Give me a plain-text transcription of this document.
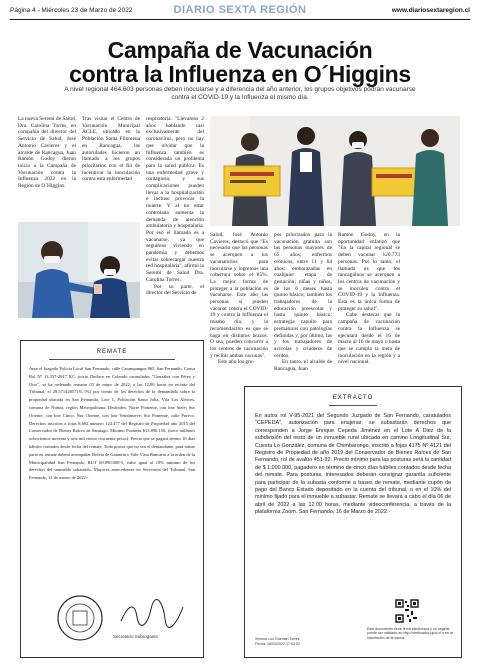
Página 4 - Miércoles 23 de Marzo de 2022	DIARIO SEXTA REGIÓN	www.diariosextaregion.cl
Campaña de Vacunación
contra la Influenza en O´Higgins
A nivel regional 464.603 personas deben inocularse y a diferencia del año anterior, los grupos objetivos podrán vacunarse contra el COVID-19 y la Influenza el mismo día.
La nueva Seremi de Salud, Dra. Carolina Torres, en compañía del director del Servicio de Salud, José Antonio Cavieres y el alcalde de Rancagua, Juan Ramón Godoy dieron inicio a la Campaña de Vacunación contra la Influenza 2022 en la Región de O´Higgins.
Tras visitar el Centro de Vacunación Municipal ACLE, ubicado en la Población Santa Filomena en Rancagua, las autoridades hicieron un llamado a los grupos prioritarios con el fin de incentivar la inoculación contra esta enfermedad
respiratoria. "Llevamos 2 años hablando casi exclusivamente del coronavirus, pero no hay que olvidar que la Influenza también es considerada un problema para la salud pública. Es una enfermedad grave y contagiosa, y sus complicaciones pueden llevar a la hospitalización e incluso provocar la muerte. Y al no estar controlada aumenta la demanda de atención ambulatoria y hospitalaria. Por eso el llamado es a vacunarse, ya que seguimos viviendo en pandemia y debemos evitar sobrecargar nuestra red hospitalaria", afirmó la Seremi de Salud Dra. Carolina Torres.
Por su parte, el director del Servicio de
Salud, José Antonio Cavieres, destacó que "Es necesario que las personas se acerquen a los vacunatorios para inocularse y logremos una cobertura sobre el 85%. La mejor forma de proteger a la población es vacunarse. Este año las personas sí pueden vacunar contra el COVID-19 y contra la Influenza el mismo día, y la recomendación es que se haga en distintos brazos. O sea, pueden concurrir a los centros de vacunación y recibir ambas vacunas".
Este año los gru-
pos priorizados para la vacunación gratuita son las personas mayores de 65 años; enfermos crónicos, entre 11 y 64 años; embarazadas en cualquier etapa de gestación; niñas y niños, de los 6 meses hasta quinto básico; también los trabajadores de la educación preescolar y hasta quinto básico; estrategia capullo para prematuros con patologías definidas y, por último, las y los trabajadores de avícolas y criaderos de cerdos.
En tanto, el alcalde de Rancagua, Juan
Ramón Godoy, en la oportunidad enfatizó que "En la capital regional se deben vacunar 120.773 personas. Por lo tanto, el llamado es que los rancagüinos se acerquen a los centros de vacunación y se inoculen contra el COVID-19 y la Influenza. Esta es la única forma de proteger su salud".
Cabe destacar que la campaña de vacunación contra la Influenza se ejecutará desde el 16 de marzo al 16 de mayo o hasta que se cumpla la meta de inoculación en la región y a nivel nacional.
REMATE
Ante el Juzgado Policía Local San Fernando, calle Carampangue 865, San Fernando, Causa Rol Nº 13.357-2017 KC, juicio Deduce en Cobrado caratulados "González con Pérez y Otro", se ha ordenado rematar 05 de mayo de 2022, a las 12,00 horas en recinto del Tribunal, el 28.571428571% (%) por ciento de los derechos de la demandada sobre la propiedad ubicada en San Fernando, Lote 1, Población Santa Julia, Vila Los Alerces, comuna de Ñuñoa, región Metropolitana. Deslindes: Norte Poniente, con lote Siete; Sur Oriente, con lote Cinco; Nor Oriente, con lote Veintinueve; Sur Poniente, calle Pureco. Derechos inscritos a fojas 8.682 número 124.477 del Registro de Propiedad año 2015 del Conservador de Bienes Raíces de Santiago. Mínimo Posturas $13.896.150. (trece millones ochocientos noventa y seis mil ciento cincuenta pesos). Precio que se pagará dentro 10 días hábiles contados desde fecha del remate. Todo postor que no sea el demandante, para tomar parte en remate deberá acompañar Boleta de Garantía o Vale Vista Bancario a la orden de la Municipalidad San Fernando, RUT 69.090.000-5, valor igual al 10% mínimo de los derechos del inmueble subastado. Mayores antecedentes en Secretaría del Tribunal. San Fernando, 11 de marzo de 2022.-
Secretario Subrogante
EXTRACTO
En autos rol V-95-2021 del Segundo Juzgado de San Fernando, caratulados "CEPEDA", autorización para enajenar, se subastarán derechos que corresponden a Jorge Enrique Cepeda Jiménez en el Lote A Diez de la subdivisión del resto de un inmueble rural ubicado en camino Longitudinal Sur, Cuesta Lo González, comuna de Chimbarongo, inscrito a fojas 4175 Nº 4121 del Registro de Propiedad de año 2019 del Conservador de Bienes Raíces de San Fernando, rol de avalúo 451-92. Precio mínimo para las posturas será la cantidad de $ 1.000.000, pagadero en término de cinco días hábiles contados desde fecha del remate. Para posturas, interesados deberán consignar garantía suficiente para participar de la subasta conforme a bases de remate, mediante cupón de pago del Banco Estado depositado en la cuenta del tribunal, o en el 10% del mínimo fijado para el inmueble a subastar. Remate se llevará a cabo el día 06 de abril de 2022 a las 12.00 horas, mediante videoconferencia, a través de la plataforma Zoom. San Fernando, 16 de Marzo de 2022.-
Ximena Luz Guzman Torres
Fecha: 16/03/2022 17:53:52
Este documento tiene firma electrónica y su original puede ser validado en http://verificadoc.pjud.cl o en la tramitación de la causa.
